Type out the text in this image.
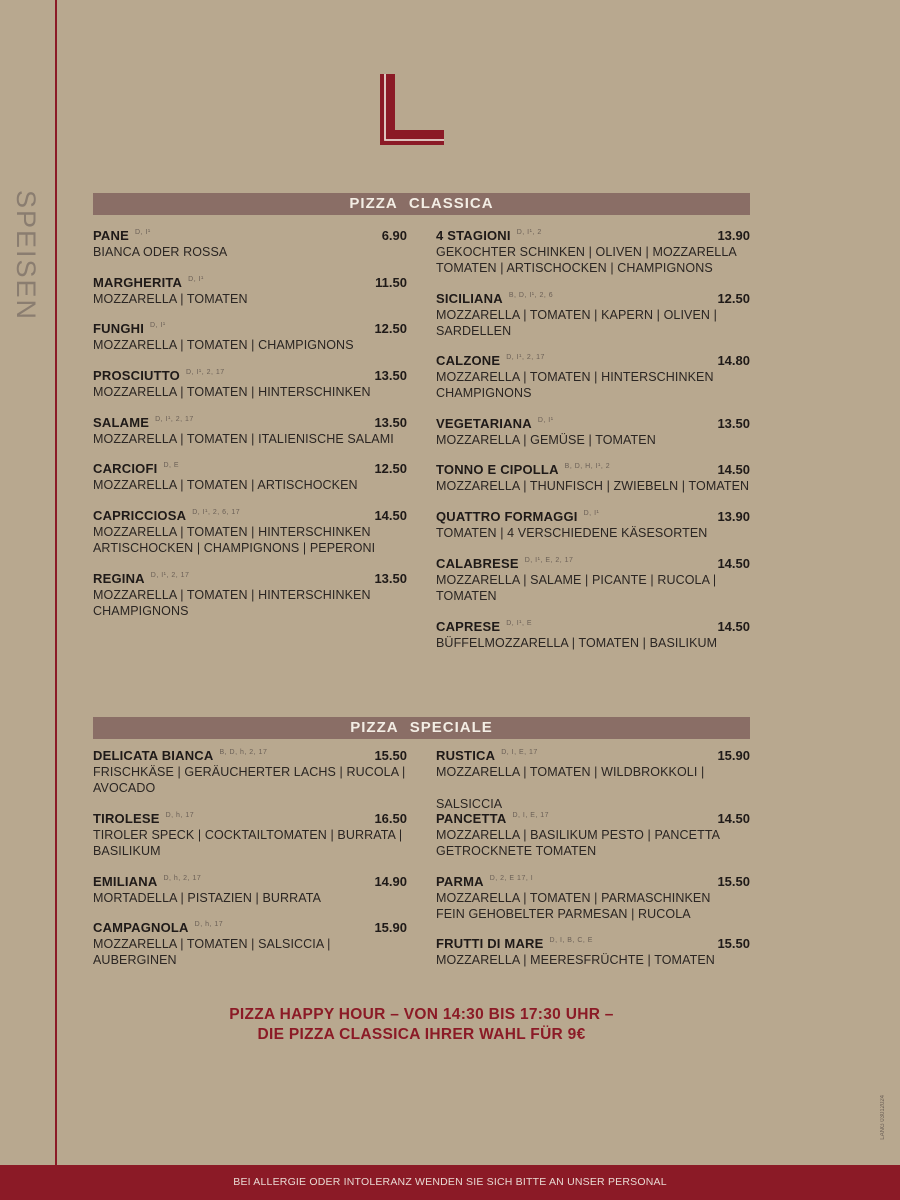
SPEISEN	PIZZA CLASSICA
PANE D, I¹	6.90
BIANCA ODER ROSSA
MARGHERITA D, I¹	11.50
MOZZARELLA | TOMATEN
FUNGHI D, I¹	12.50
MOZZARELLA | TOMATEN | CHAMPIGNONS
PROSCIUTTO D, I¹, 2, 17	13.50
MOZZARELLA | TOMATEN | HINTERSCHINKEN
SALAME D, I¹, 2, 17	13.50
MOZZARELLA | TOMATEN | ITALIENISCHE SALAMI
CARCIOFI D, E	12.50
MOZZARELLA | TOMATEN | ARTISCHOCKEN
CAPRICCIOSA D, I¹, 2, 6, 17	14.50
MOZZARELLA | TOMATEN | HINTERSCHINKEN
ARTISCHOCKEN | CHAMPIGNONS | PEPERONI
REGINA D, I¹, 2, 17	13.50
MOZZARELLA | TOMATEN | HINTERSCHINKEN
CHAMPIGNONS
4 STAGIONI D, I¹, 2	13.90
GEKOCHTER SCHINKEN | OLIVEN | MOZZARELLA
TOMATEN | ARTISCHOCKEN | CHAMPIGNONS
SICILIANA B, D, I¹, 2, 6	12.50
MOZZARELLA | TOMATEN | KAPERN | OLIVEN |
SARDELLEN
CALZONE D, I¹, 2, 17	14.80
MOZZARELLA | TOMATEN | HINTERSCHINKEN
CHAMPIGNONS
VEGETARIANA D, I¹	13.50
MOZZARELLA | GEMÜSE | TOMATEN
TONNO E CIPOLLA B, D, H, I¹, 2	14.50
MOZZARELLA | THUNFISCH | ZWIEBELN | TOMATEN
QUATTRO FORMAGGI D, I¹	13.90
TOMATEN | 4 VERSCHIEDENE KÄSESORTEN
CALABRESE D, I¹, E, 2, 17	14.50
MOZZARELLA | SALAME | PICANTE | RUCOLA |
TOMATEN
CAPRESE D, I¹, E	14.50
BÜFFELMOZZARELLA | TOMATEN | BASILIKUM
PIZZA SPECIALE
DELICATA BIANCA B, D, h, 2, 17	15.50
FRISCHKÄSE | GERÄUCHERTER LACHS | RUCOLA |
AVOCADO
TIROLESE D, h, 17	16.50
TIROLER SPECK | COCKTAILTOMATEN | BURRATA |
BASILIKUM
EMILIANA D, h, 2, 17	14.90
MORTADELLA | PISTAZIEN | BURRATA
CAMPAGNOLA D, h, 17	15.90
MOZZARELLA | TOMATEN | SALSICCIA | AUBERGINEN
RUSTICA D, I, E, 17	15.90
MOZZARELLA | TOMATEN | WILDBROKKOLI |

SALSICCIA
PANCETTA D, I, E, 17	14.50
MOZZARELLA | BASILIKUM PESTO | PANCETTA
GETROCKNETE TOMATEN
PARMA D, 2, E 17, I	15.50
MOZZARELLA | TOMATEN | PARMASCHINKEN
FEIN GEHOBELTER PARMESAN | RUCOLA
FRUTTI DI MARE D, I, B, C, E	15.50
MOZZARELLA | MEERESFRÜCHTE | TOMATEN
PIZZA HAPPY HOUR – VON 14:30 BIS 17:30 UHR –
DIE PIZZA CLASSICA IHRER WAHL FÜR 9€
LANG 03012024
BEI ALLERGIE ODER INTOLERANZ WENDEN SIE SICH BITTE AN UNSER PERSONAL
